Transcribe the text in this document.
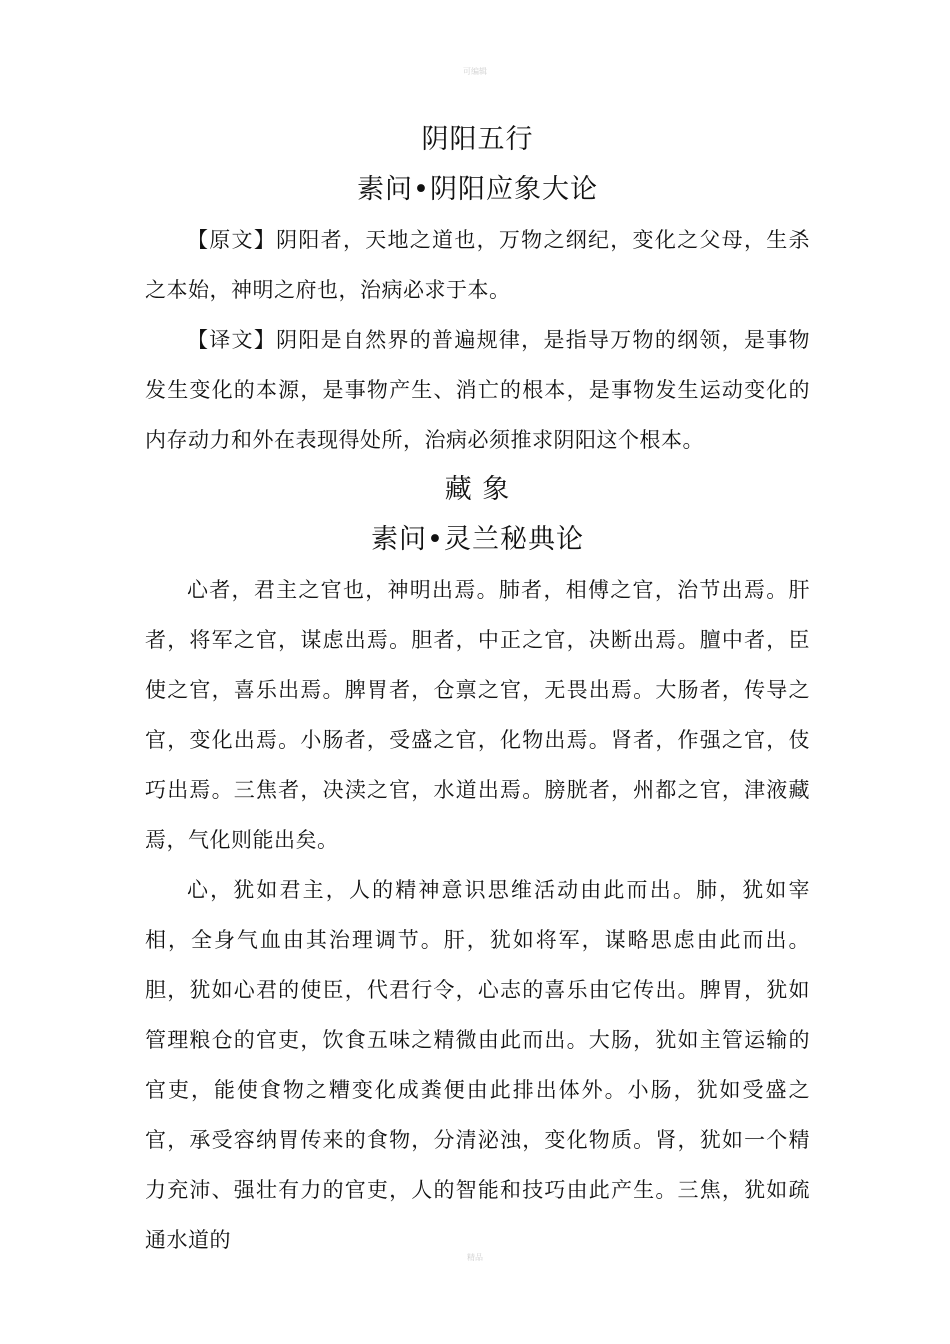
可编辑
阴阳五行
素问•阴阳应象大论

【原文】阴阳者，天地之道也，万物之纲纪，变化之父母，生杀之本始，神明之府也，治病必求于本。

【译文】阴阳是自然界的普遍规律，是指导万物的纲领，是事物发生变化的本源，是事物产生、消亡的根本，是事物发生运动变化的内存动力和外在表现得处所，治病必须推求阴阳这个根本。

藏 象
素问•灵兰秘典论

心者，君主之官也，神明出焉。肺者，相傅之官，治节出焉。肝者，将军之官，谋虑出焉。胆者，中正之官，决断出焉。膻中者，臣使之官，喜乐出焉。脾胃者，仓禀之官，无畏出焉。大肠者，传导之官，变化出焉。小肠者，受盛之官，化物出焉。肾者，作强之官，伎巧出焉。三焦者，决渎之官，水道出焉。膀胱者，州都之官，津液藏焉，气化则能出矣。

心，犹如君主，人的精神意识思维活动由此而出。肺，犹如宰相，全身气血由其治理调节。肝，犹如将军，谋略思虑由此而出。胆，犹如心君的使臣，代君行令，心志的喜乐由它传出。脾胃，犹如管理粮仓的官吏，饮食五味之精微由此而出。大肠，犹如主管运输的官吏，能使食物之糟变化成粪便由此排出体外。小肠，犹如受盛之官，承受容纳胃传来的食物，分清泌浊，变化物质。肾，犹如一个精力充沛、强壮有力的官吏，人的智能和技巧由此产生。三焦，犹如疏通水道的

精品
